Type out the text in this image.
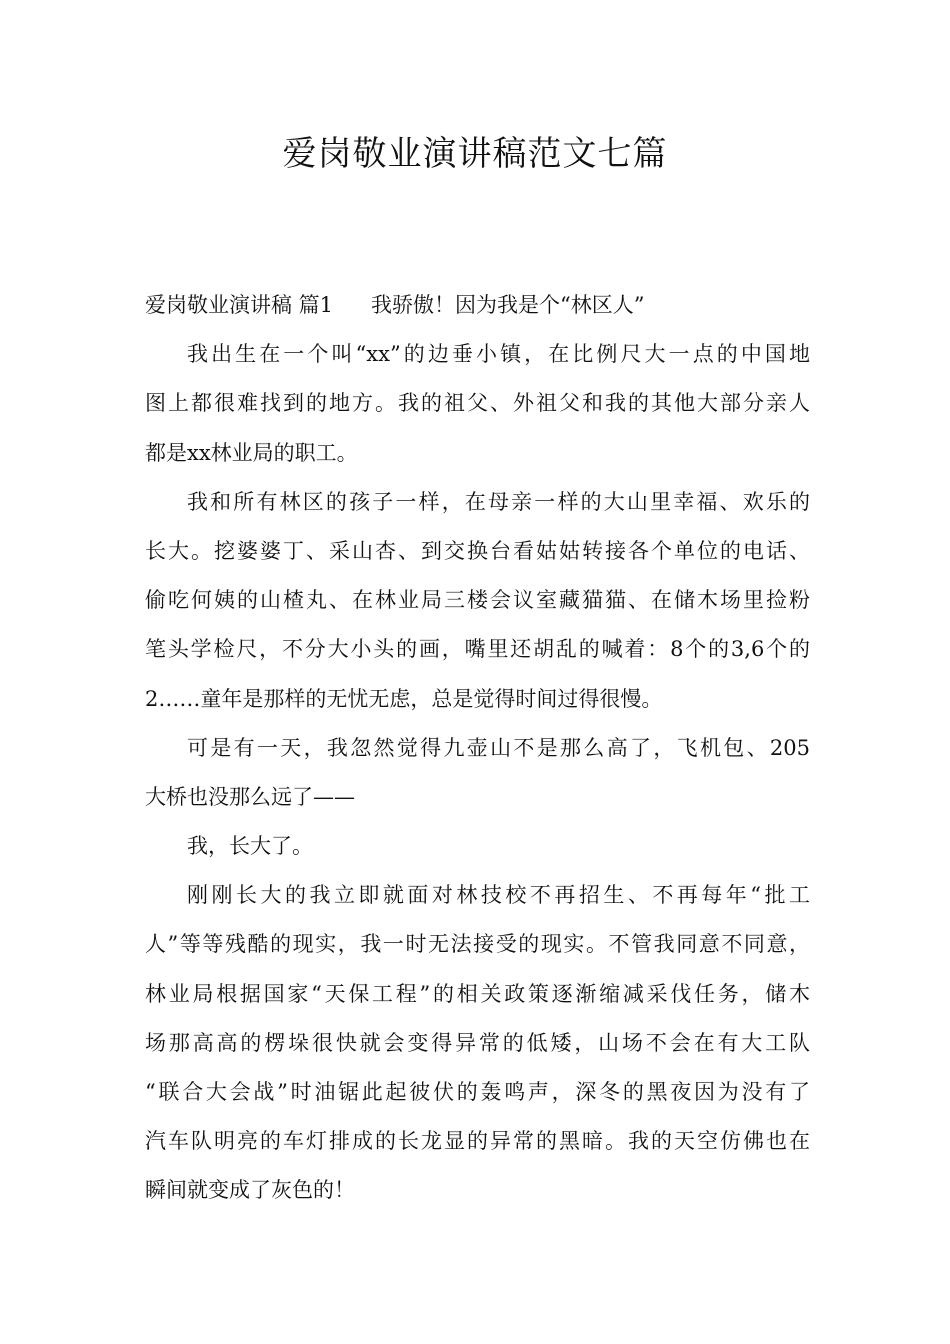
爱岗敬业演讲稿范文七篇
爱岗敬业演讲稿 篇1 我骄傲！因为我是个“林区人”
我出生在一个叫“xx”的边垂小镇，在比例尺大一点的中国地
图上都很难找到的地方。我的祖父、外祖父和我的其他大部分亲人
都是xx林业局的职工。
我和所有林区的孩子一样，在母亲一样的大山里幸福、欢乐的
长大。挖婆婆丁、采山杏、到交换台看姑姑转接各个单位的电话、
偷吃何姨的山楂丸、在林业局三楼会议室藏猫猫、在储木场里捡粉
笔头学检尺，不分大小头的画，嘴里还胡乱的喊着：8个的3,6个的
2……童年是那样的无忧无虑，总是觉得时间过得很慢。
可是有一天，我忽然觉得九壶山不是那么高了，飞机包、205
大桥也没那么远了——
我，长大了。
刚刚长大的我立即就面对林技校不再招生、不再每年“批工
人”等等残酷的现实，我一时无法接受的现实。不管我同意不同意，
林业局根据国家“天保工程”的相关政策逐渐缩减采伐任务，储木
场那高高的楞垛很快就会变得异常的低矮，山场不会在有大工队
“联合大会战”时油锯此起彼伏的轰鸣声，深冬的黑夜因为没有了
汽车队明亮的车灯排成的长龙显的异常的黑暗。我的天空仿佛也在
瞬间就变成了灰色的！
